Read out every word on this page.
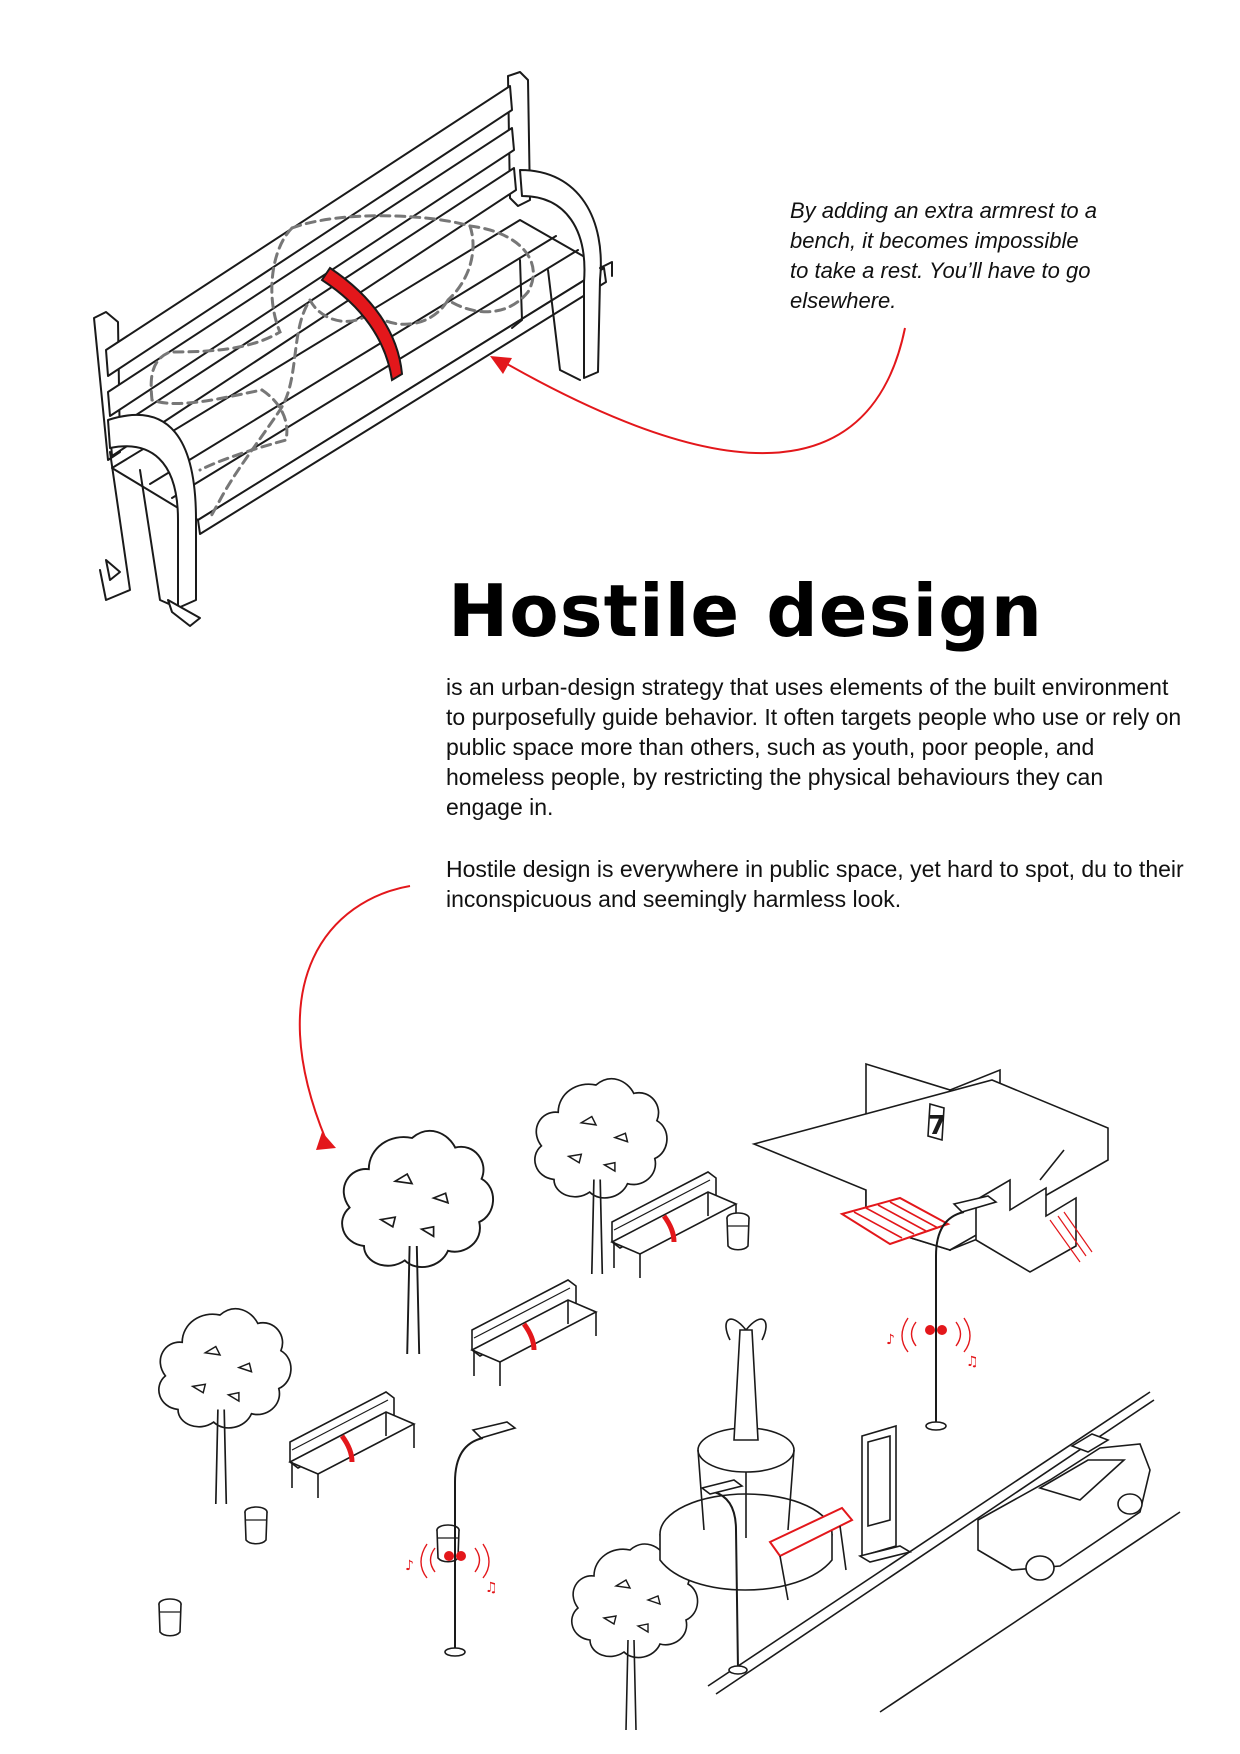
By adding an extra armrest to a
bench, it becomes impossible
to take a rest. You’ll have to go
elsewhere.
Hostile design

is an urban-design strategy that uses elements of the built environment to purposefully guide behavior. It often targets people who use or rely on public space more than others, such as youth, poor people, and homeless people, by restricting the physical behaviours they can engage in.

Hostile design is everywhere in public space, yet hard to spot, du to their inconspicuous and seemingly harmless look.

7
